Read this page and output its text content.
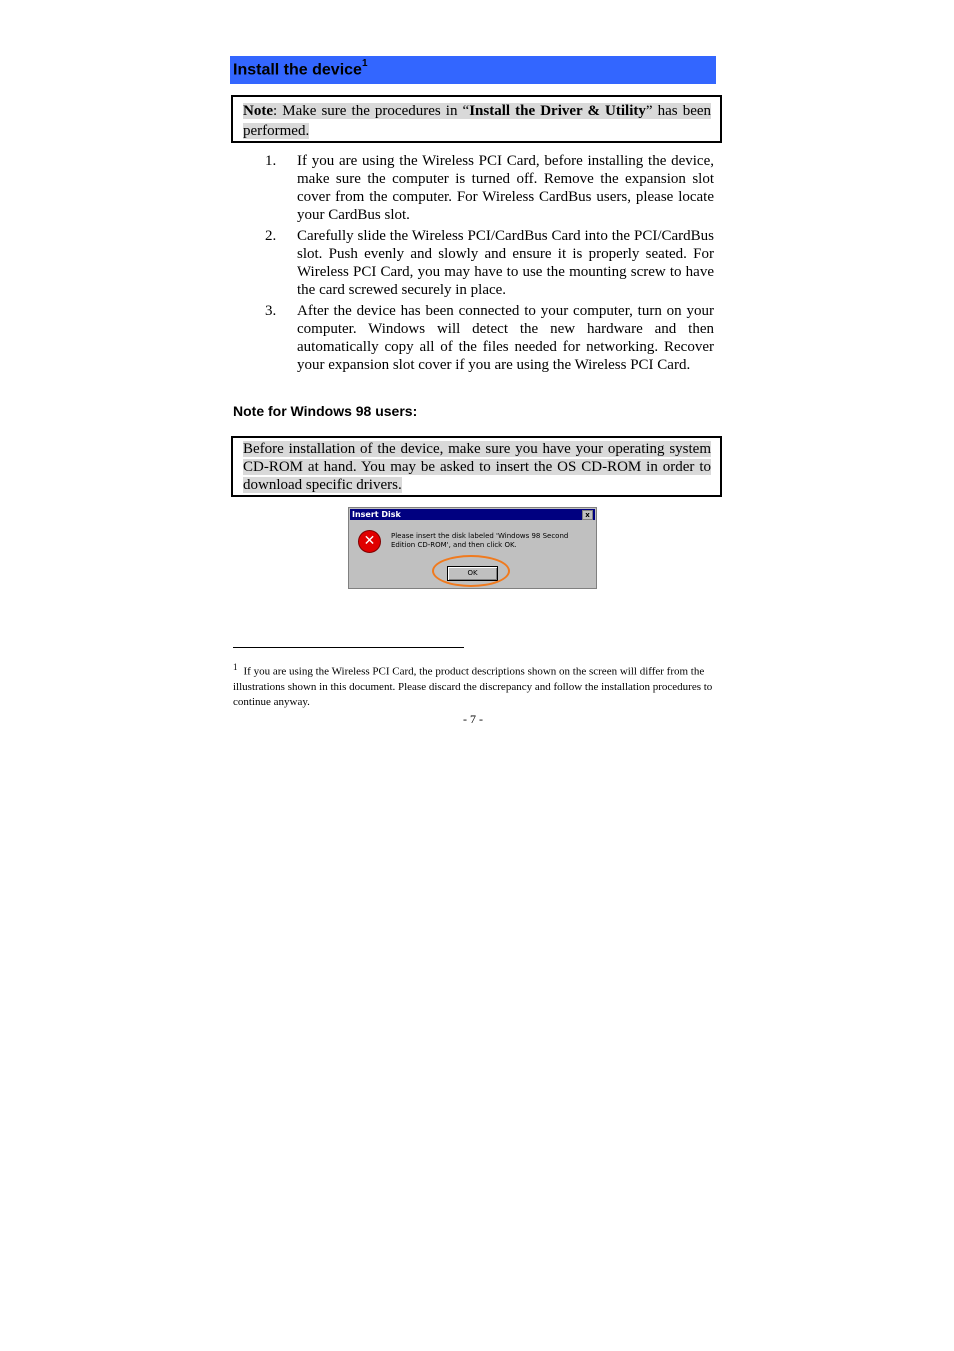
Install the device$^1$
Note: Make sure the procedures in “Install the Driver & Utility” has been performed.
1. If you are using the Wireless PCI Card, before installing the device, make sure the computer is turned off. Remove the expansion slot cover from the computer. For Wireless CardBus users, please locate your CardBus slot.
2. Carefully slide the Wireless PCI/CardBus Card into the PCI/CardBus slot. Push evenly and slowly and ensure it is properly seated. For Wireless PCI Card, you may have to use the mounting screw to have the card screwed securely in place.
3. After the device has been connected to your computer, turn on your computer. Windows will detect the new hardware and then automatically copy all of the files needed for networking. Recover your expansion slot cover if you are using the Wireless PCI Card.
Note for Windows 98 users:
Before installation of the device, make sure you have your operating system CD-ROM at hand. You may be asked to insert the OS CD-ROM in order to download specific drivers.
Insert Disk	x
✕	Please insert the disk labeled 'Windows 98 Second Edition CD-ROM', and then click OK.
OK
$^1$ If you are using the Wireless PCI Card, the product descriptions shown on the screen will differ from the illustrations shown in this document. Please discard the discrepancy and follow the installation procedures to continue anyway.
- 7 -
